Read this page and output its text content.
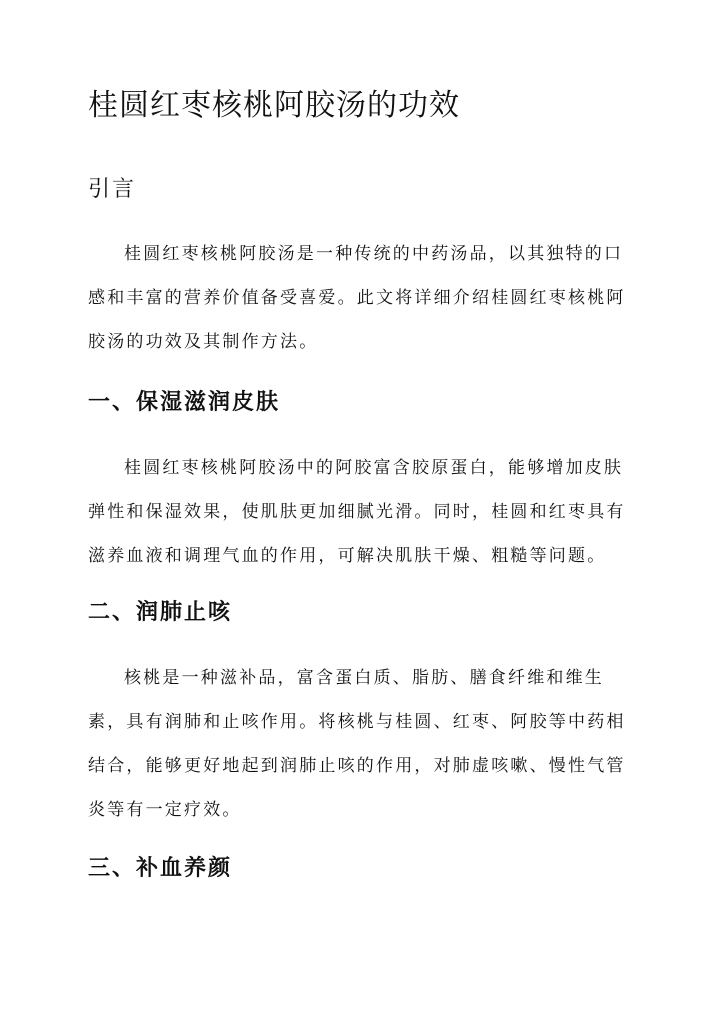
桂圆红枣核桃阿胶汤的功效
引言

桂圆红枣核桃阿胶汤是一种传统的中药汤品，以其独特的口感和丰富的营养价值备受喜爱。此文将详细介绍桂圆红枣核桃阿胶汤的功效及其制作方法。

一、保湿滋润皮肤

桂圆红枣核桃阿胶汤中的阿胶富含胶原蛋白，能够增加皮肤弹性和保湿效果，使肌肤更加细腻光滑。同时，桂圆和红枣具有滋养血液和调理气血的作用，可解决肌肤干燥、粗糙等问题。

二、润肺止咳

核桃是一种滋补品，富含蛋白质、脂肪、膳食纤维和维生素，具有润肺和止咳作用。将核桃与桂圆、红枣、阿胶等中药相结合，能够更好地起到润肺止咳的作用，对肺虚咳嗽、慢性气管炎等有一定疗效。

三、补血养颜
